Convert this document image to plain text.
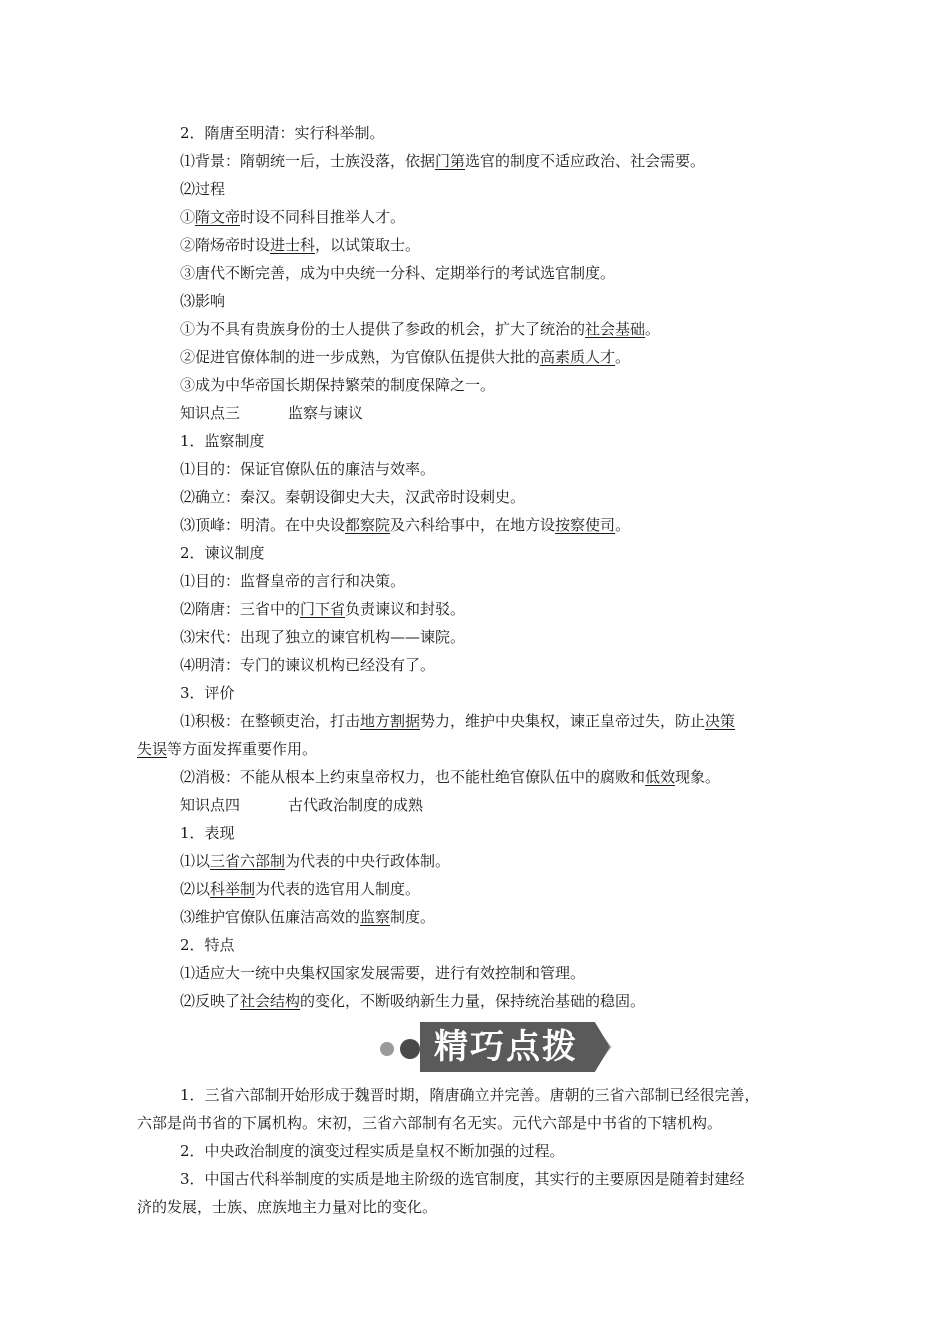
2．隋唐至明清：实行科举制。
⑴背景：隋朝统一后，士族没落，依据门第选官的制度不适应政治、社会需要。
⑵过程
①隋文帝时设不同科目推举人才。
②隋炀帝时设进士科，以试策取士。
③唐代不断完善，成为中央统一分科、定期举行的考试选官制度。
⑶影响
①为不具有贵族身份的士人提供了参政的机会，扩大了统治的社会基础。
②促进官僚体制的进一步成熟，为官僚队伍提供大批的高素质人才。
③成为中华帝国长期保持繁荣的制度保障之一。
知识点三	监察与谏议
1．监察制度
⑴目的：保证官僚队伍的廉洁与效率。
⑵确立：秦汉。秦朝设御史大夫，汉武帝时设刺史。
⑶顶峰：明清。在中央设都察院及六科给事中，在地方设按察使司。
2．谏议制度
⑴目的：监督皇帝的言行和决策。
⑵隋唐：三省中的门下省负责谏议和封驳。
⑶宋代：出现了独立的谏官机构——谏院。
⑷明清：专门的谏议机构已经没有了。
3．评价
⑴积极：在整顿吏治，打击地方割据势力，维护中央集权，谏正皇帝过失，防止决策
失误等方面发挥重要作用。
⑵消极：不能从根本上约束皇帝权力，也不能杜绝官僚队伍中的腐败和低效现象。
知识点四	古代政治制度的成熟
1．表现
⑴以三省六部制为代表的中央行政体制。
⑵以科举制为代表的选官用人制度。
⑶维护官僚队伍廉洁高效的监察制度。
2．特点
⑴适应大一统中央集权国家发展需要，进行有效控制和管理。
⑵反映了社会结构的变化，不断吸纳新生力量，保持统治基础的稳固。
精巧点拨
1．三省六部制开始形成于魏晋时期，隋唐确立并完善。唐朝的三省六部制已经很完善，
六部是尚书省的下属机构。宋初，三省六部制有名无实。元代六部是中书省的下辖机构。
2．中央政治制度的演变过程实质是皇权不断加强的过程。
3．中国古代科举制度的实质是地主阶级的选官制度，其实行的主要原因是随着封建经
济的发展，士族、庶族地主力量对比的变化。
